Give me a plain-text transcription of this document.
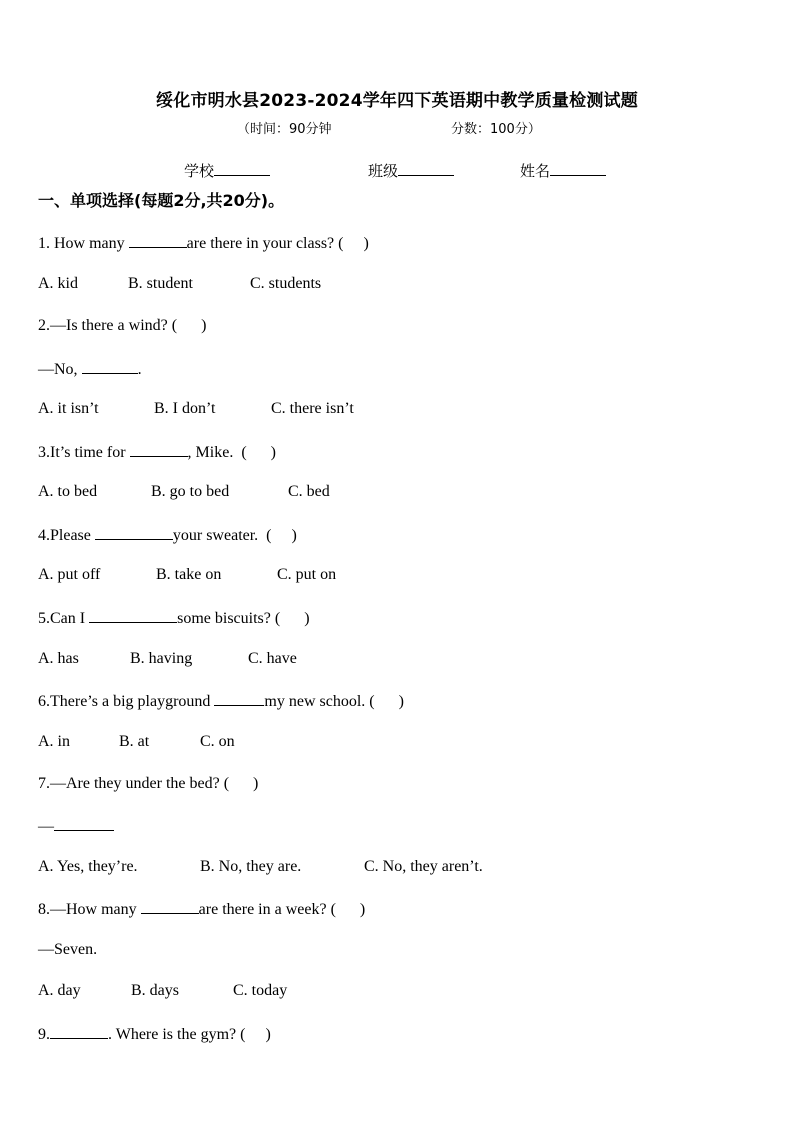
绥化市明水县2023-2024学年四下英语期中教学质量检测试题
（时间：90分钟	分数：100分）
学校	班级	姓名
一、单项选择(每题2分,共20分)。
1. How many	are there in your class? (     )
A. kid	B. student	C. students
2.—Is there a wind? (      )
—No,	.
A. it isn’t	B. I don’t	C. there isn’t
3.It’s time for	, Mike.  (      )
A. to bed	B. go to bed	C. bed
4.Please	your sweater.  (     )
A. put off	B. take on	C. put on
5.Can I	some biscuits? (      )
A. has	B. having	C. have
6.There’s a big playground	my new school. (      )
A. in	B. at	C. on
7.—Are they under the bed? (      )
—
A. Yes, they’re.	B. No, they are.	C. No, they aren’t.
8.—How many	are there in a week? (      )
—Seven.
A. day	B. days	C. today
9.	. Where is the gym? (     )
